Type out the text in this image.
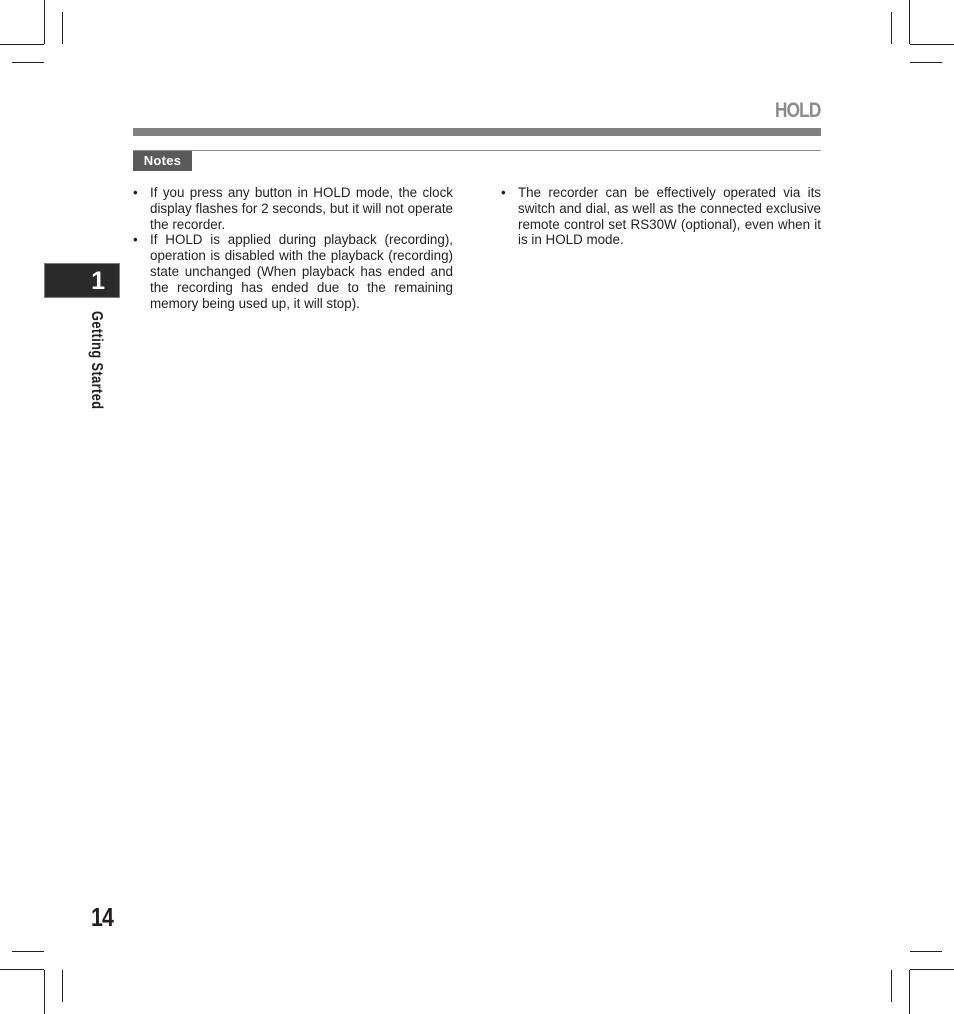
HOLD
Notes
• If you press any button in HOLD mode, the clock display flashes for 2 seconds, but it will not operate the recorder.
• If HOLD is applied during playback (recording), operation is disabled with the playback (recording) state unchanged (When playback has ended and the recording has ended due to the remaining memory being used up, it will stop).
• The recorder can be effectively operated via its switch and dial, as well as the connected exclusive remote control set RS30W (optional), even when it is in HOLD mode.
1
Getting Started
14
